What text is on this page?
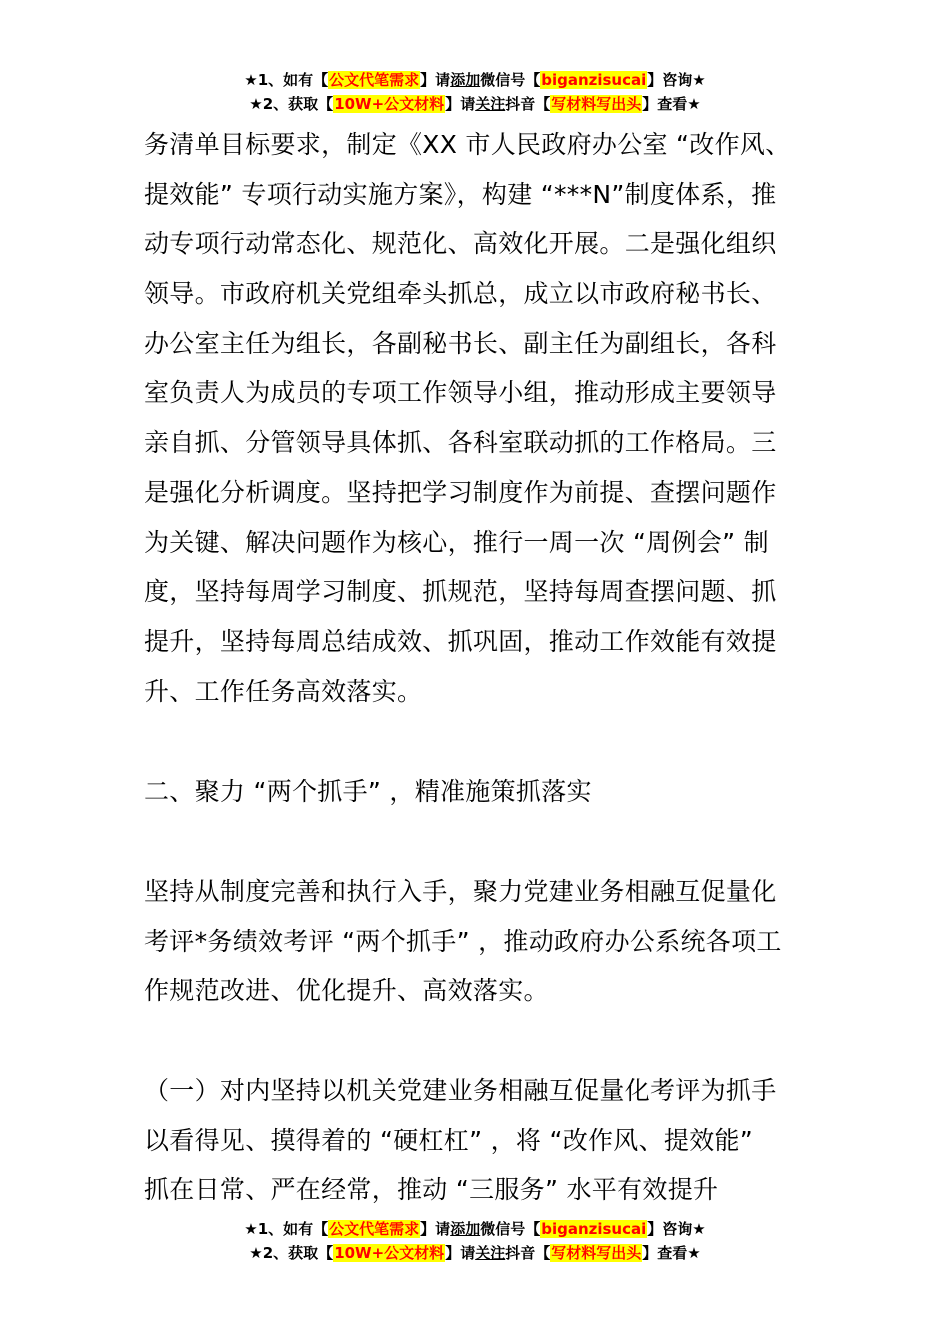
★1、如有【公文代笔需求】请添加微信号【biganzisucai】咨询★
★2、获取【10W+公文材料】请关注抖音【写材料写出头】查看★
务清单目标要求，制定《XX 市人民政府办公室 “改作风、
提效能” 专项行动实施方案》，构建 “***N”制度体系，推
动专项行动常态化、规范化、高效化开展。二是强化组织
领导。市政府机关党组牵头抓总，成立以市政府秘书长、
办公室主任为组长，各副秘书长、副主任为副组长，各科
室负责人为成员的专项工作领导小组，推动形成主要领导
亲自抓、分管领导具体抓、各科室联动抓的工作格局。三
是强化分析调度。坚持把学习制度作为前提、查摆问题作
为关键、解决问题作为核心，推行一周一次 “周例会” 制
度，坚持每周学习制度、抓规范，坚持每周查摆问题、抓
提升，坚持每周总结成效、抓巩固，推动工作效能有效提
升、工作任务高效落实。
二、聚力 “两个抓手” ，精准施策抓落实
坚持从制度完善和执行入手，聚力党建业务相融互促量化
考评*务绩效考评 “两个抓手” ，推动政府办公系统各项工
作规范改进、优化提升、高效落实。
（一）对内坚持以机关党建业务相融互促量化考评为抓手
以看得见、摸得着的 “硬杠杠” ，将 “改作风、提效能”
抓在日常、严在经常，推动 “三服务” 水平有效提升
★1、如有【公文代笔需求】请添加微信号【biganzisucai】咨询★
★2、获取【10W+公文材料】请关注抖音【写材料写出头】查看★
